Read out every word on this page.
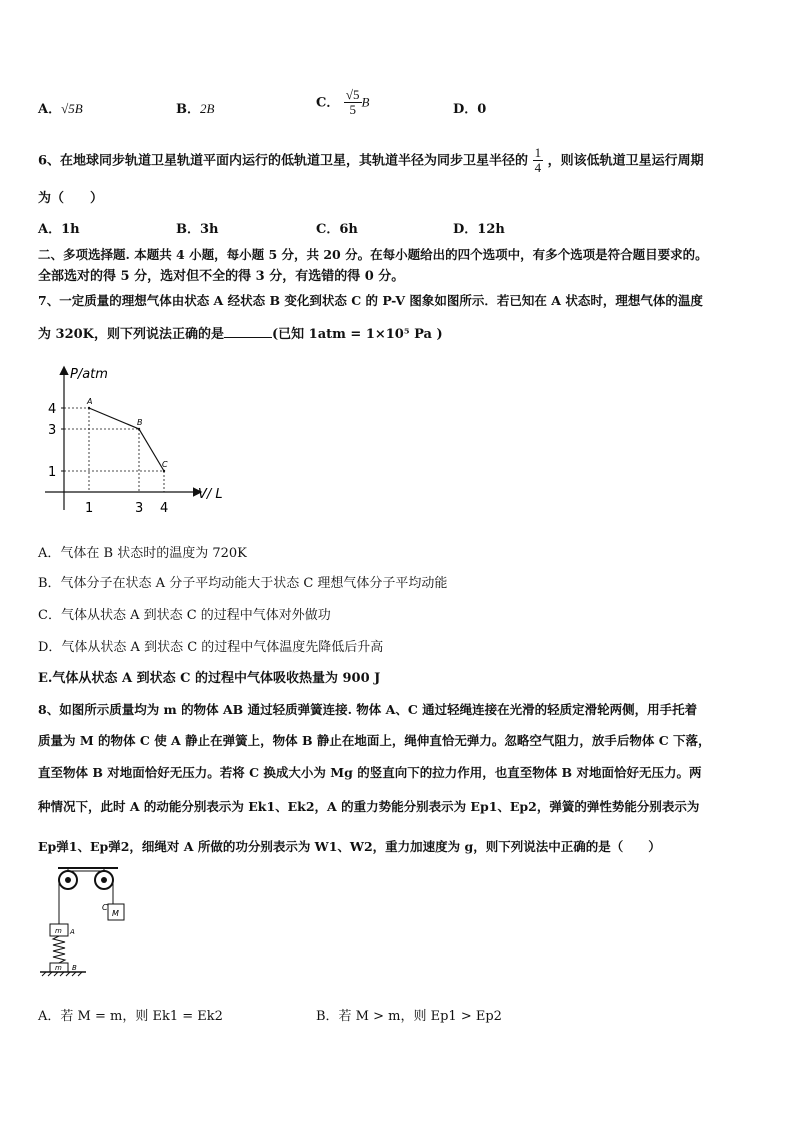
A．√5B	B．2B	C． $\frac{√5}{5}$ B
D．0
6、在地球同步轨道卫星轨道平面内运行的低轨道卫星，其轨道半径为同步卫星半径的 $\frac{1}{4}$ ，则该低轨道卫星运行周期
为（　　）
A．1h	B．3h	C．6h	D．12h
二、多项选择题. 本题共 4 小题，每小题 5 分，共 20 分。在每小题给出的四个选项中，有多个选项是符合题目要求的。
全部选对的得 5 分，选对但不全的得 3 分，有选错的得 0 分。
7、一定质量的理想气体由状态 A 经状态 B 变化到状态 C 的 P-V 图象如图所示．若已知在 A 状态时，理想气体的温度
为 320K，则下列说法正确的是	(已知 1atm = 1×10⁵ Pa )
P/atm
V/ L
A
B
C
1	3 4
1
3
4
A．气体在 B 状态时的温度为 720K
B．气体分子在状态 A 分子平均动能大于状态 C 理想气体分子平均动能
C．气体从状态 A 到状态 C 的过程中气体对外做功
D．气体从状态 A 到状态 C 的过程中气体温度先降低后升高
E.气体从状态 A 到状态 C 的过程中气体吸收热量为 900 J
8、如图所示质量均为 m 的物体 AB 通过轻质弹簧连接. 物体 A、C 通过轻绳连接在光滑的轻质定滑轮两侧，用手托着
质量为 M 的物体 C 使 A 静止在弹簧上，物体 B 静止在地面上，绳伸直恰无弹力。忽略空气阻力，放手后物体 C 下落，
直至物体 B 对地面恰好无压力。若将 C 换成大小为 Mg 的竖直向下的拉力作用，也直至物体 B 对地面恰好无压力。两
种情况下，此时 A 的动能分别表示为 Ek1、Ek2，A 的重力势能分别表示为 Ep1、Ep2，弹簧的弹性势能分别表示为
Ep弹1、Ep弹2，细绳对 A 所做的功分别表示为 W1、W2，重力加速度为 g，则下列说法中正确的是（　　）
C
M
m A
m B
A．若 M = m，则 Ek1 = Ek2	B．若 M > m，则 Ep1 > Ep2
